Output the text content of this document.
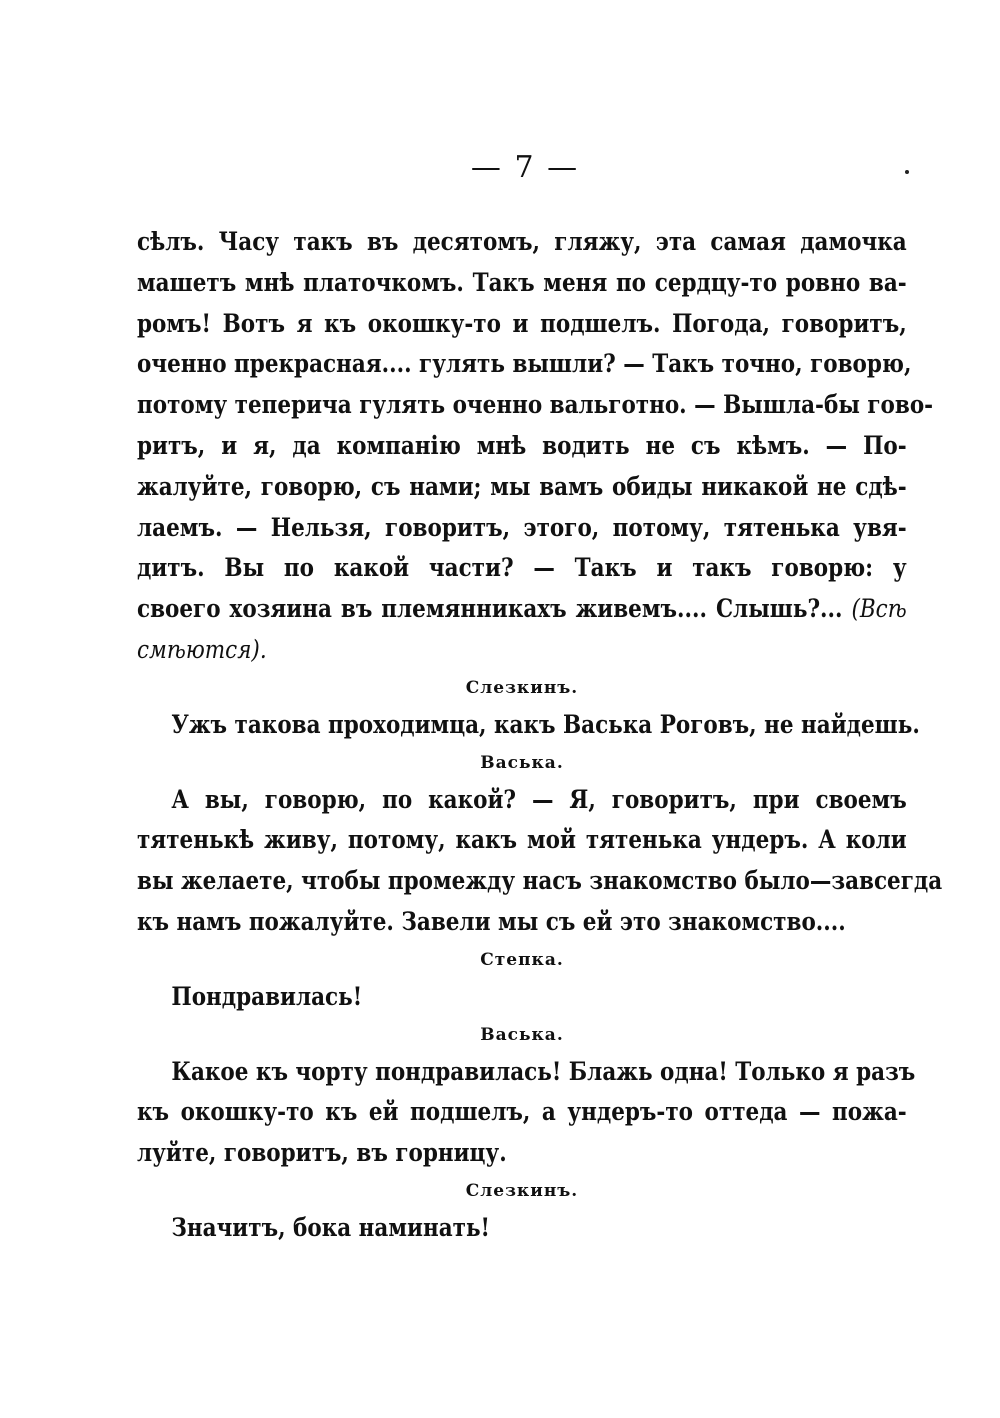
— 7 —
сѣлъ. Часу такъ въ десятомъ, гляжу, эта самая дамочка
машетъ мнѣ платочкомъ. Такъ меня по сердцу-то ровно ва-
ромъ! Вотъ я къ окошку-то и подшелъ. Погода, говоритъ,
оченно прекрасная.... гулять вышли? — Такъ точно, говорю,
потому теперича гулять оченно вальготно. — Вышла-бы гово-
ритъ, и я, да компанію мнѣ водить не съ кѣмъ. — По-
жалуйте, говорю, съ нами; мы вамъ обиды никакой не сдѣ-
лаемъ. — Нельзя, говоритъ, этого, потому, тятенька увя-
дитъ. Вы по какой части? — Такъ и такъ говорю: у
своего хозяина въ племянникахъ живемъ.... Слышь?... (Всѣ
смѣются).
Слезкинъ.
Ужъ такова проходимца, какъ Васька Роговъ, не найдешь.
Васька.
А вы, говорю, по какой? — Я, говоритъ, при своемъ
тятенькѣ живу, потому, какъ мой тятенька ундеръ. А коли
вы желаете, чтобы промежду насъ знакомство было—завсегда
къ намъ пожалуйте. Завели мы съ ей это знакомство....
Степка.
Пондравилась!
Васька.
Какое къ чорту пондравилась! Блажь одна! Только я разъ
къ окошку-то къ ей подшелъ, а ундеръ-то оттеда — пожа-
луйте, говоритъ, въ горницу.
Слезкинъ.
Значитъ, бока наминать!
